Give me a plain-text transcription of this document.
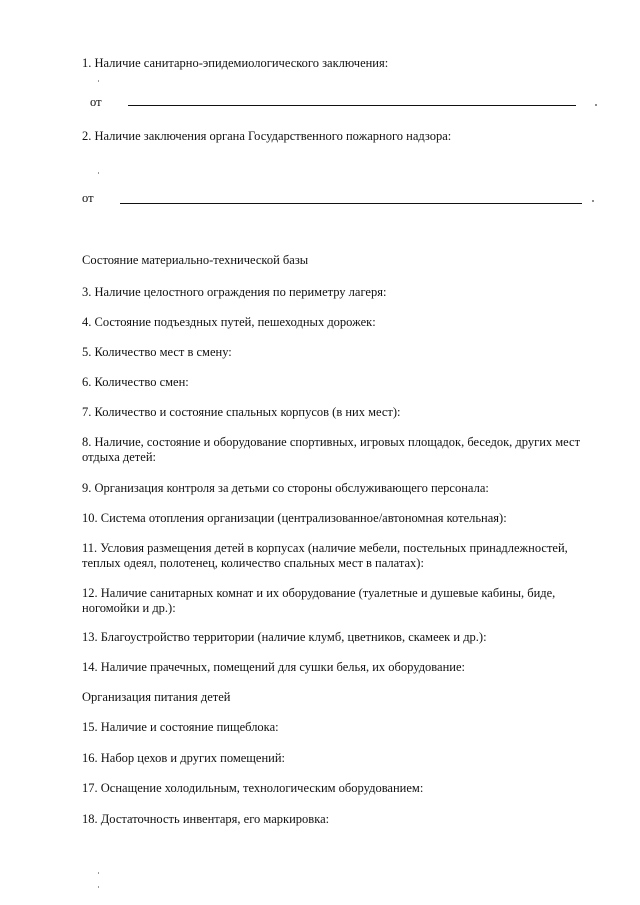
1. Наличие санитарно-эпидемиологического заключения:
от
2. Наличие заключения органа Государственного пожарного надзора:
от
Состояние материально-технической базы
3. Наличие целостного ограждения по периметру лагеря:
4. Состояние подъездных путей, пешеходных дорожек:
5. Количество мест в смену:
6. Количество смен:
7. Количество и состояние спальных корпусов (в них мест):
8. Наличие, состояние и оборудование спортивных, игровых площадок, беседок, других мест отдыха детей:
9. Организация контроля за детьми со стороны обслуживающего персонала:
10. Система отопления организации (централизованное/автономная котельная):
11. Условия размещения детей в корпусах (наличие мебели, постельных принадлежностей, теплых одеял, полотенец, количество спальных мест в палатах):
12. Наличие санитарных комнат и их оборудование (туалетные и душевые кабины, биде, ногомойки и др.):
13. Благоустройство территории (наличие клумб, цветников, скамеек и др.):
14. Наличие прачечных, помещений для сушки белья, их оборудование:
Организация питания детей
15. Наличие и состояние пищеблока:
16. Набор цехов и других помещений:
17. Оснащение холодильным, технологическим оборудованием:
18. Достаточность инвентаря, его маркировка:
